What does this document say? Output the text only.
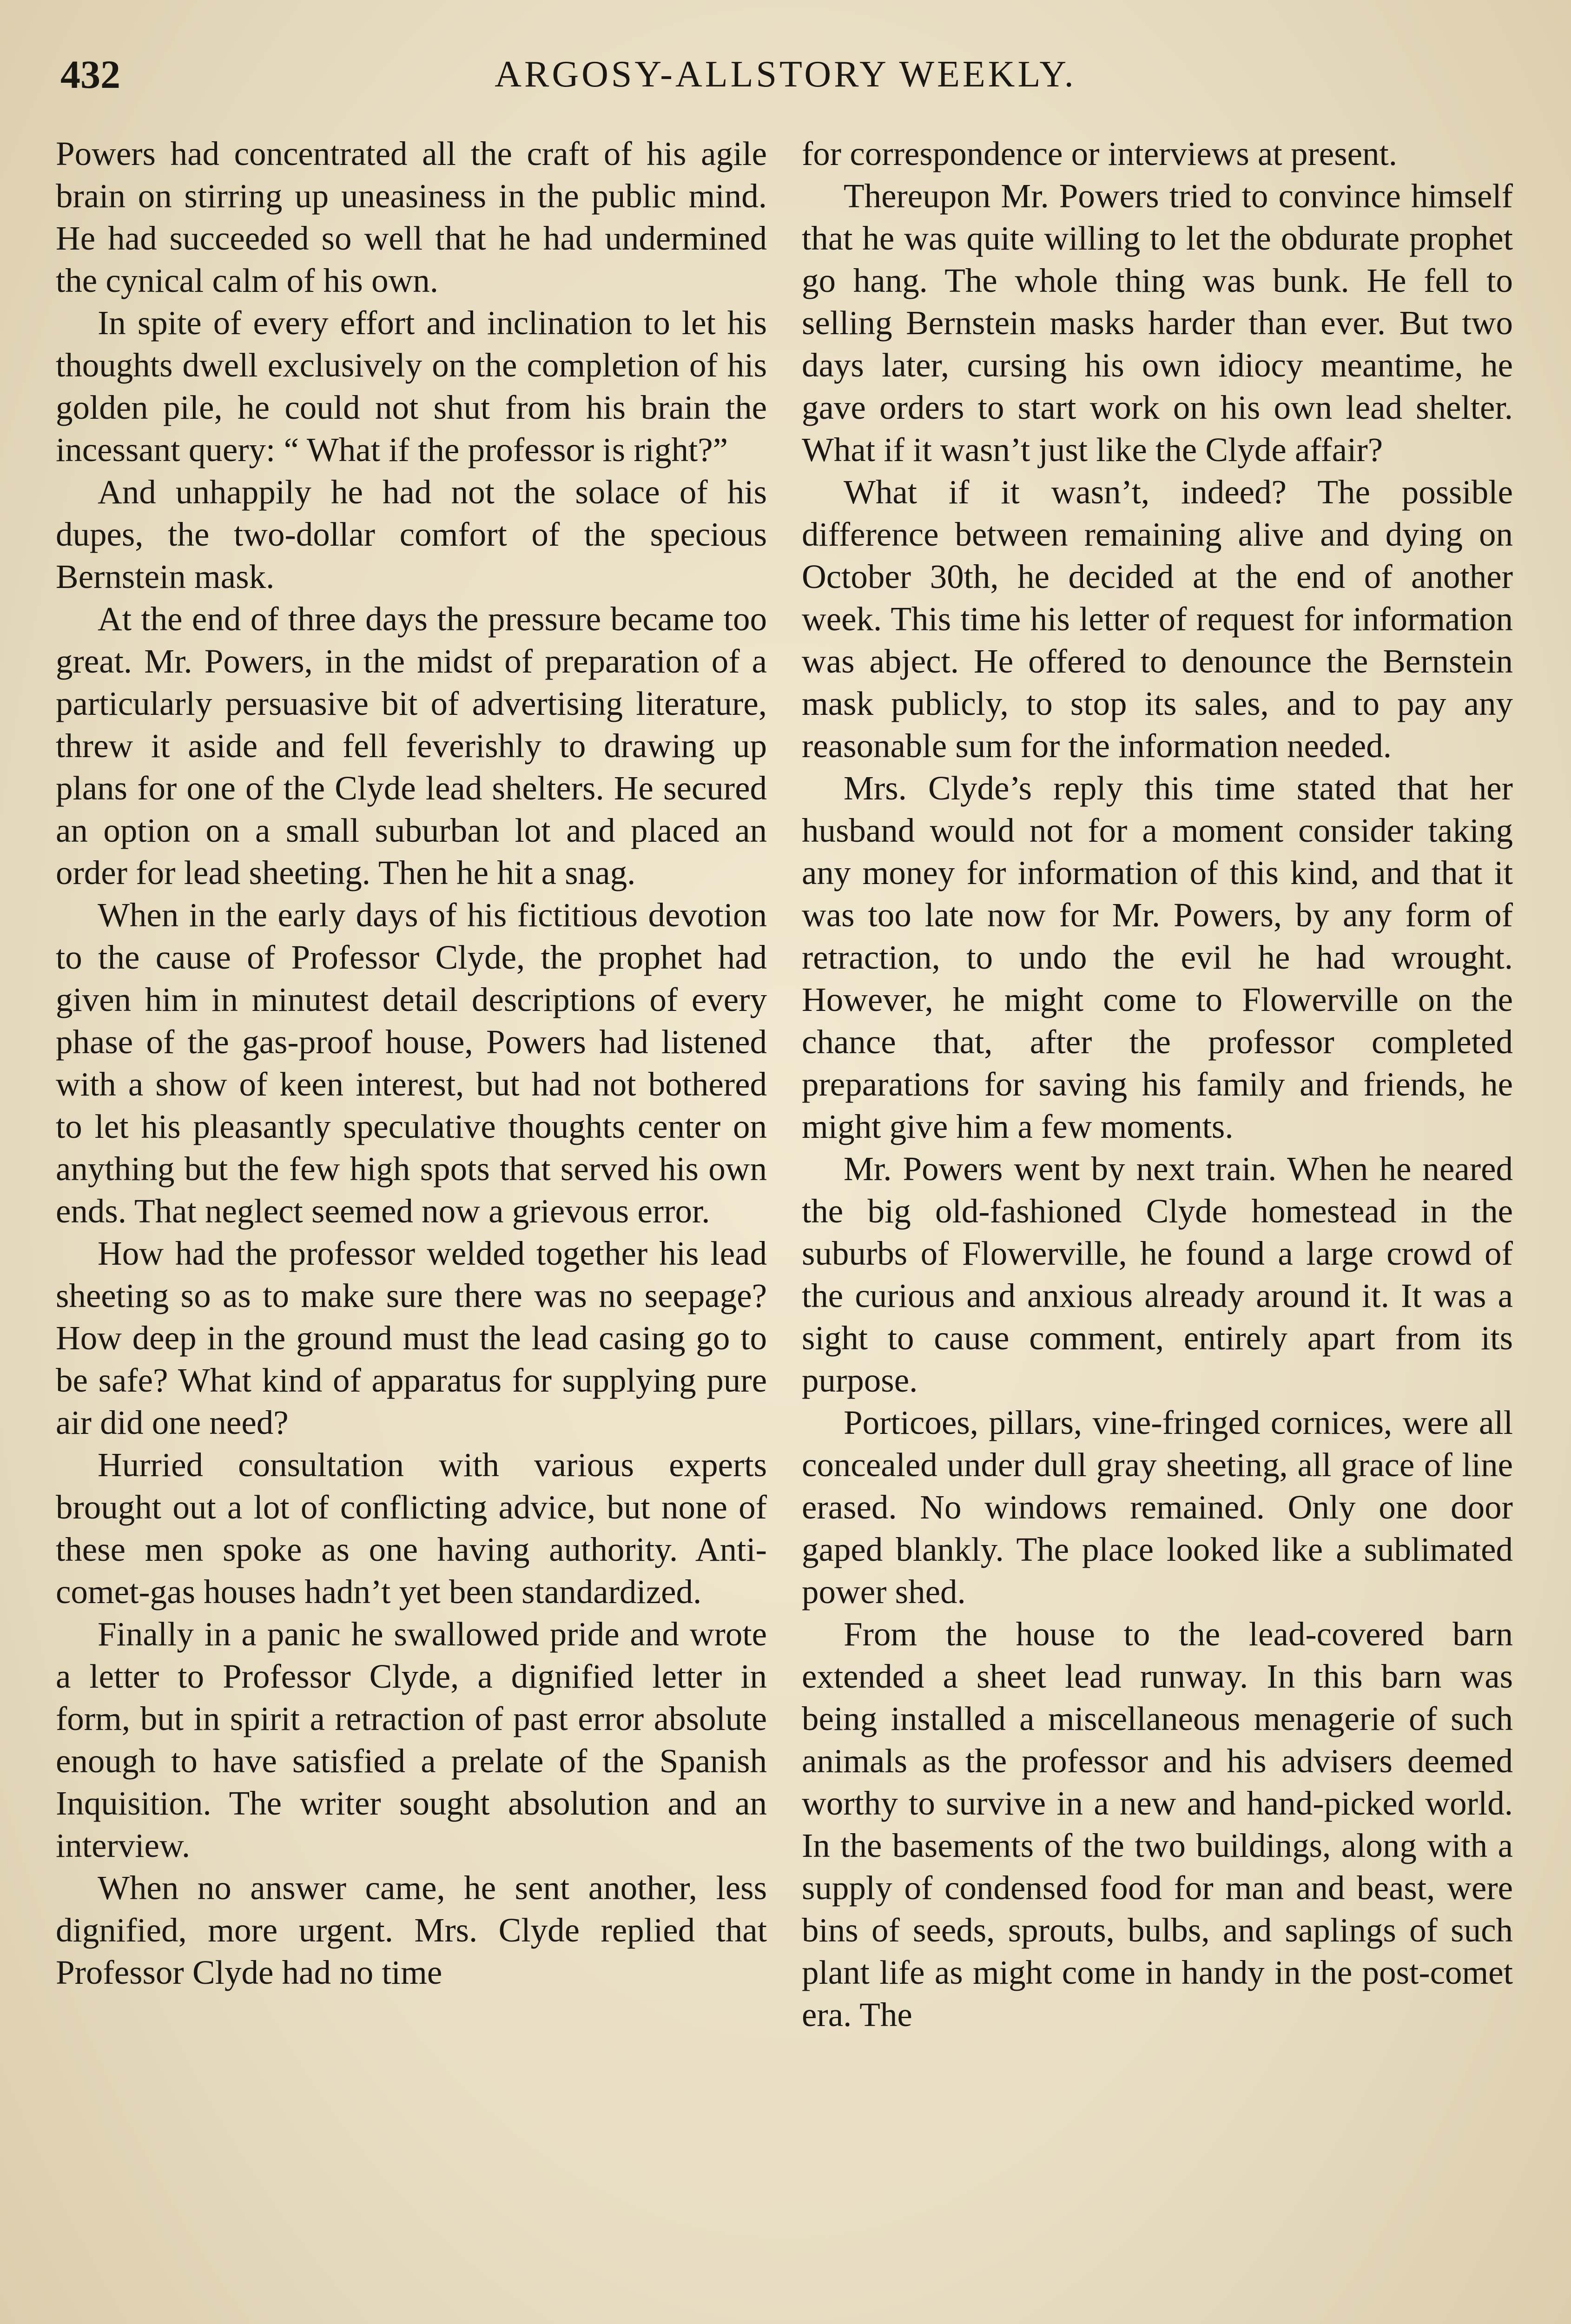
432	ARGOSY-ALLSTORY WEEKLY.

Powers had concentrated all the craft of his agile brain on stirring up uneasiness in the public mind. He had succeeded so well that he had undermined the cynical calm of his own.

In spite of every effort and inclination to let his thoughts dwell exclusively on the completion of his golden pile, he could not shut from his brain the incessant query: “ What if the professor is right?”

And unhappily he had not the solace of his dupes, the two-dollar comfort of the specious Bernstein mask.

At the end of three days the pressure became too great. Mr. Powers, in the midst of preparation of a particularly persuasive bit of advertising literature, threw it aside and fell feverishly to drawing up plans for one of the Clyde lead shelters. He secured an option on a small suburban lot and placed an order for lead sheeting. Then he hit a snag.

When in the early days of his fictitious devotion to the cause of Professor Clyde, the prophet had given him in minutest detail descriptions of every phase of the gas-proof house, Powers had listened with a show of keen interest, but had not bothered to let his pleasantly speculative thoughts center on anything but the few high spots that served his own ends. That neglect seemed now a grievous error.

How had the professor welded together his lead sheeting so as to make sure there was no seepage? How deep in the ground must the lead casing go to be safe? What kind of apparatus for supplying pure air did one need?

Hurried consultation with various experts brought out a lot of conflicting advice, but none of these men spoke as one having authority. Anti-comet-gas houses hadn’t yet been standardized.

Finally in a panic he swallowed pride and wrote a letter to Professor Clyde, a dignified letter in form, but in spirit a retraction of past error absolute enough to have satisfied a prelate of the Spanish Inquisition. The writer sought absolution and an interview.

When no answer came, he sent another, less dignified, more urgent. Mrs. Clyde replied that Professor Clyde had no time

for correspondence or interviews at present.

Thereupon Mr. Powers tried to convince himself that he was quite willing to let the obdurate prophet go hang. The whole thing was bunk. He fell to selling Bernstein masks harder than ever. But two days later, cursing his own idiocy meantime, he gave orders to start work on his own lead shelter. What if it wasn’t just like the Clyde affair?

What if it wasn’t, indeed? The possible difference between remaining alive and dying on October 30th, he decided at the end of another week. This time his letter of request for information was abject. He offered to denounce the Bernstein mask publicly, to stop its sales, and to pay any reasonable sum for the information needed.

Mrs. Clyde’s reply this time stated that her husband would not for a moment consider taking any money for information of this kind, and that it was too late now for Mr. Powers, by any form of retraction, to undo the evil he had wrought. However, he might come to Flowerville on the chance that, after the professor completed preparations for saving his family and friends, he might give him a few moments.

Mr. Powers went by next train. When he neared the big old-fashioned Clyde homestead in the suburbs of Flowerville, he found a large crowd of the curious and anxious already around it. It was a sight to cause comment, entirely apart from its purpose.

Porticoes, pillars, vine-fringed cornices, were all concealed under dull gray sheeting, all grace of line erased. No windows remained. Only one door gaped blankly. The place looked like a sublimated power shed.

From the house to the lead-covered barn extended a sheet lead runway. In this barn was being installed a miscellaneous menagerie of such animals as the professor and his advisers deemed worthy to survive in a new and hand-picked world. In the basements of the two buildings, along with a supply of condensed food for man and beast, were bins of seeds, sprouts, bulbs, and saplings of such plant life as might come in handy in the post-comet era. The
